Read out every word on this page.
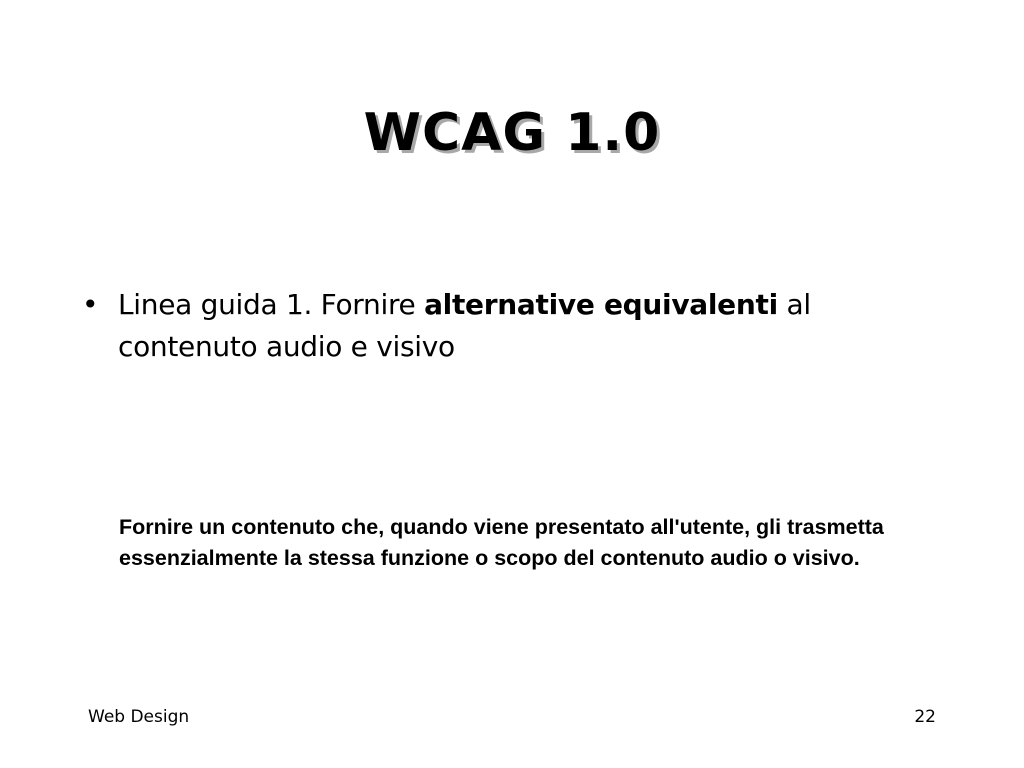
WCAG 1.0
• Linea guida 1. Fornire alternative equivalenti al contenuto audio e visivo
Fornire un contenuto che, quando viene presentato all'utente, gli trasmetta essenzialmente la stessa funzione o scopo del contenuto audio o visivo.
Web Design	22
